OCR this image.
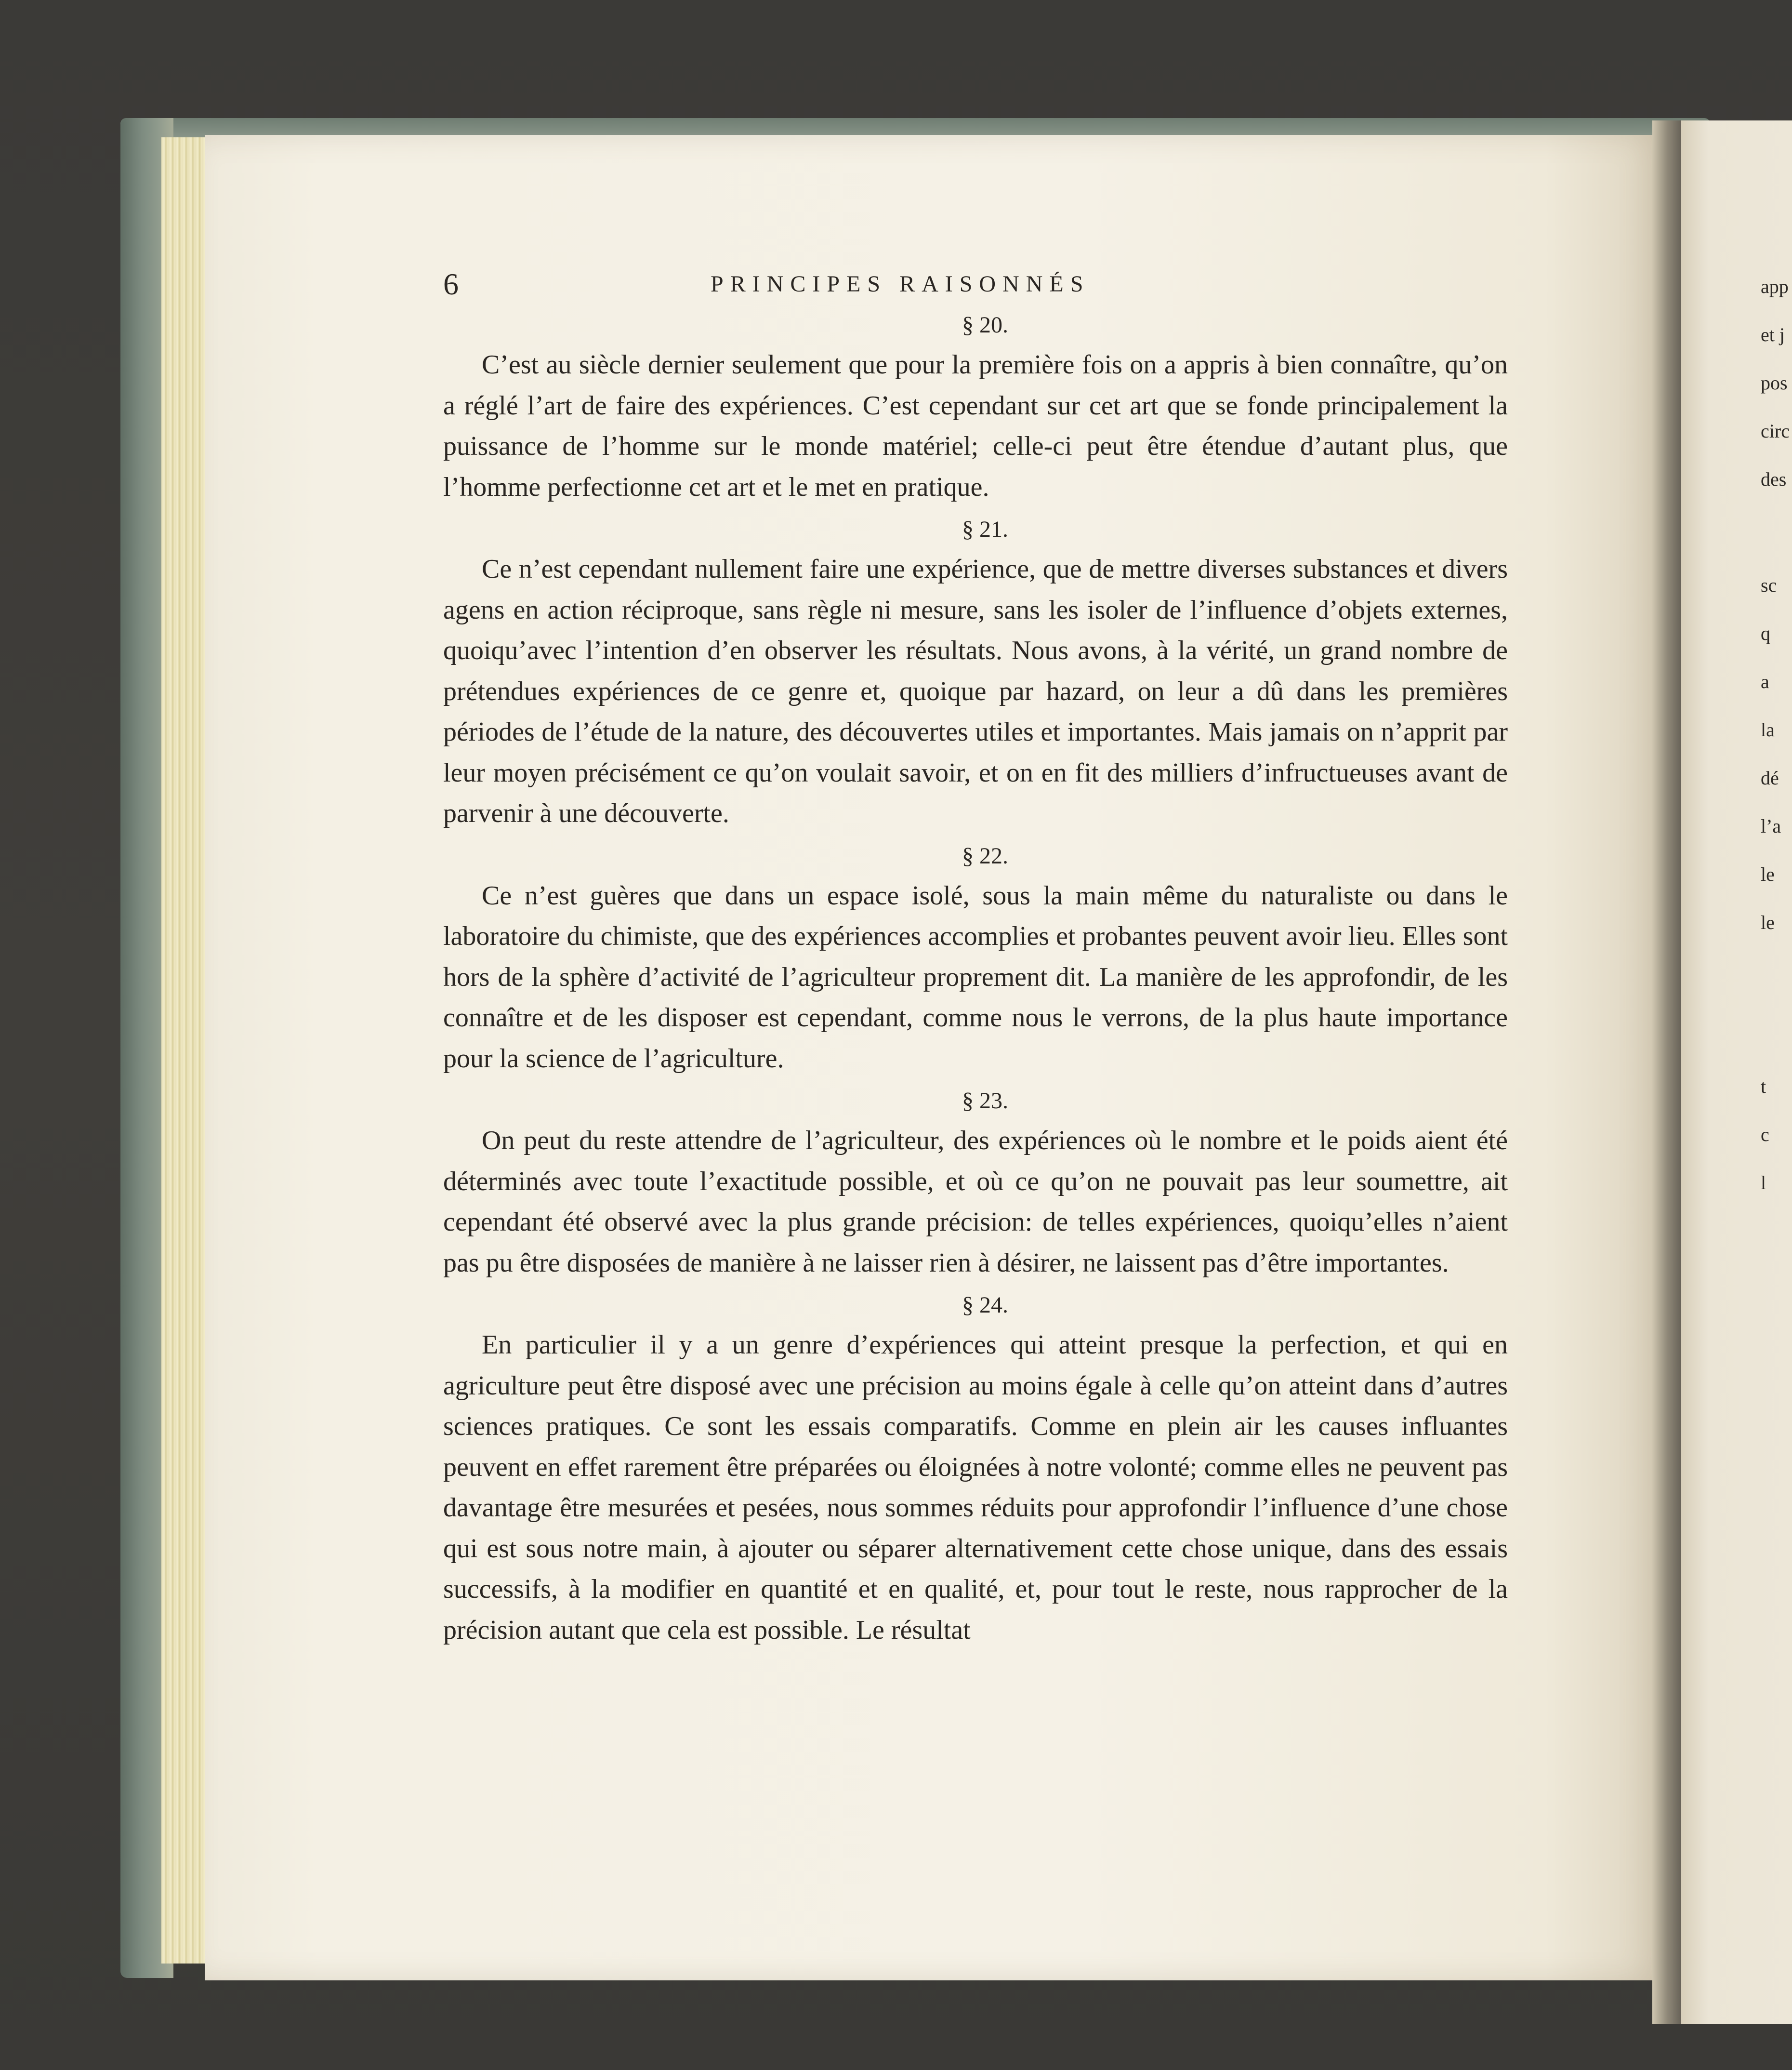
app
et j
pos
circ
des
sc
q
a
la
dé
l’a
le
le
t
c
l
6	PRINCIPES RAISONNÉS
§ 20.

C’est au siècle dernier seulement que pour la première fois on a appris à bien connaître, qu’on a réglé l’art de faire des expériences. C’est cependant sur cet art que se fonde principalement la puissance de l’homme sur le monde matériel; celle-ci peut être étendue d’autant plus, que l’homme perfectionne cet art et le met en pratique.

§ 21.

Ce n’est cependant nullement faire une expérience, que de mettre diverses substances et divers agens en action réciproque, sans règle ni mesure, sans les isoler de l’influence d’objets externes, quoiqu’avec l’intention d’en observer les résultats. Nous avons, à la vérité, un grand nombre de prétendues expériences de ce genre et, quoique par hazard, on leur a dû dans les premières périodes de l’étude de la nature, des découvertes utiles et importantes. Mais jamais on n’apprit par leur moyen précisément ce qu’on voulait savoir, et on en fit des milliers d’infructueuses avant de parvenir à une découverte.

§ 22.

Ce n’est guères que dans un espace isolé, sous la main même du naturaliste ou dans le laboratoire du chimiste, que des expériences accomplies et probantes peuvent avoir lieu. Elles sont hors de la sphère d’activité de l’agriculteur proprement dit. La manière de les approfondir, de les connaître et de les disposer est cependant, comme nous le verrons, de la plus haute importance pour la science de l’agriculture.

§ 23.

On peut du reste attendre de l’agriculteur, des expériences où le nombre et le poids aient été déterminés avec toute l’exactitude possible, et où ce qu’on ne pouvait pas leur soumettre, ait cependant été observé avec la plus grande précision: de telles expériences, quoiqu’elles n’aient pas pu être disposées de manière à ne laisser rien à désirer, ne laissent pas d’être importantes.

§ 24.

En particulier il y a un genre d’expériences qui atteint presque la perfection, et qui en agriculture peut être disposé avec une précision au moins égale à celle qu’on atteint dans d’autres sciences pratiques. Ce sont les essais comparatifs. Comme en plein air les causes influantes peuvent en effet rarement être préparées ou éloignées à notre volonté; comme elles ne peuvent pas davantage être mesurées et pesées, nous sommes réduits pour approfondir l’influence d’une chose qui est sous notre main, à ajouter ou séparer alternativement cette chose unique, dans des essais successifs, à la modifier en quantité et en qualité, et, pour tout le reste, nous rapprocher de la précision autant que cela est possible. Le résultat
